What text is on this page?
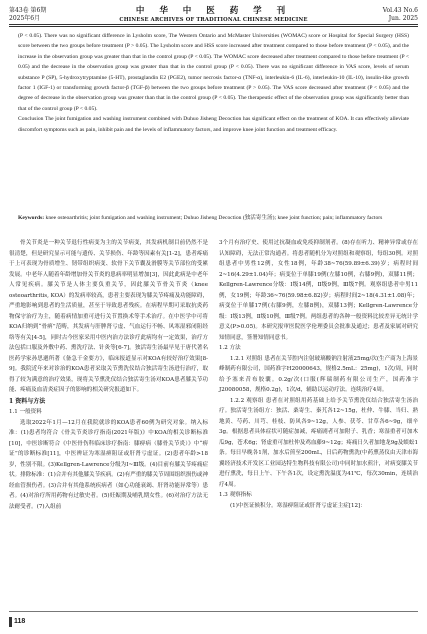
第43卷 第6期
2025年6月
中 华 中 医 药 学 刊
CHINESE ARCHIVES OF TRADITIONAL CHINESE MEDICINE
Vol.43 No.6
Jun. 2025

(P < 0.05). There was no significant difference in Lysholm score, The Western Ontario and McMaster Universities (WOMAC) score or Hospital for Special Surgery (HSS) score between the two groups before treatment (P > 0.05). The Lysholm score and HSS score increased after treatment compared to those before treatment (P < 0.05), and the increase in the observation group was greater than that in the control group (P < 0.05). The WOMAC score decreased after treatment compared to those before treatment (P < 0.05) and the decrease in the observation group was greater than that in the control group (P < 0.05). There was no significant difference in VAS score, levels of serum substance P (SP), 5-hydroxytryptamine (5-HT), prostaglandin E2 (PGE2), tumor necrosis factor-α (TNF-α), interleukin-6 (IL-6), interleukin-10 (IL-10), insulin-like growth factor 1 (IGF-1) or transforming growth factor-β (TGF-β) between the two groups before treatment (P > 0.05). The VAS score decreased after treatment (P < 0.05) and the degree of decrease in the observation group was greater than that in the control group (P < 0.05). The therapeutic effect of the observation group was significantly better than that of the control group (P < 0.05).

Conclusion The joint fumigation and washing instrument combined with Duhuo Jisheng Decoction has significant effect on the treatment of KOA. It can effectively alleviate discomfort symptoms such as pain, inhibit pain and the levels of inflammatory factors, and improve knee joint function and treatment efficacy.

Keywords: knee osteoarthritis; joint fumigation and washing instrument; Duhuo Jisheng Decoction (独活寄生汤); knee joint function; pain; inflammatory factors

骨关节炎是一种关节退行性病变为主的关节病变，其发病机制目前仍然不是很清楚，但是研究显示可能与遗传、关节损伤、年龄等因素有关[1-2]，患者疼痛于上可表现为骨质增生、韧带组织病变、软骨下关节囊及滑膜等关节部位的受累发展。中老年人随着年龄增加骨关节炎的患病率明显增加[3]，因此此病是中老年人常见疾病。膝关节是人体主要负重关节，因此膝关节骨关节炎（knee osteoarthritis, KOA）的发病率较高，患者主要表现为膝关节疼痛及功能障碍，严重地影响到患者的生活质量，甚至于导致患者残疾。在病程早期可采取抗炎药物保守治疗为主，随着病情加重可进行关节置换术等手术治疗。在中医学中可将KOA归纳到“骨痹”范畴，其发病与肝脾肾亏虚、气血运行不畅、风寒湿邪闭阻经络等有关[4-5]，同时古今医家采用中医内治方法诊疗此病均有一定效果，治疗方法包括口服及外敷中药、熏洗疗法、针灸等[6-7]。独活寄生汤最早见于唐代著名医药学家孙思邈所著《备急千金要方》，临床报道显示对KOA有较好治疗效果[8-9]。我院近年来对诊治的KOA患者采取关节熏洗仪结合独活寄生汤进行治疗，取得了较为满意的治疗效果，现将关节熏洗仪结合独活寄生汤对KOA患者膝关节功能、疼痛及血清炎症因子的影响的相关研究报道如下。

1 资料与方法

1.1 一般资料

选取2022年1月—12月在我院就诊的KOA患者60例为研究对象。纳入标准：(1)患者均符合《骨关节炎诊疗指南(2021年版)》中KOA的相关诊断标准[10]，中医诊断符合《中医骨伤科临床诊疗指南：膝痹病（膝骨关节炎）》中“痹证”的诊断标准[11]，中医辨证为寒湿痹阻证或肝肾亏虚证。(2)患者年龄>18岁，性别不限。(3)Kellgren-Lawrence分级为I~Ⅲ级。(4)目前有膝关节疼痛症状。排除标准：(1)合并有其他膝关节疾病。(2)有严重的膝关节周围组织损伤或神经血管损伤者。(3)合并有其他系统疾病者（如心功能衰竭、肝肾功能异常等）患者。(4)对治疗所用药物有过敏史者。(5)妊娠期及哺乳期女性。(6)对治疗方法无法耐受者。(7)入组前

3个月有治疗史、使用过抗凝血或免疫抑制剂者。(8)存在听力、精神异常或存在认知障碍，无法正常沟通者。将患者随机分为对照组和观察组，每组30例。对照组患者中男性12例，女性18例，年龄38~76(59.89±6.39)岁；病程时间2~16(4.29±1.04)年；病变位于单膝19例(左膝10例，右膝9例)，双膝11例；Kellgren-Lawrence分级：I级14例，Ⅱ级9例，Ⅲ级7例。观察组患者中男11例，女19例；年龄36~76(59.98±6.82)岁；病程时间2~18(4.31±1.08)年；病变位于单膝17例(右膝9例，左膝8例)，双膝13例；Kellgren-Lawrence分级：I级13例，Ⅱ级10例，Ⅲ级7例。两组患者的各种一般资料比较差异无统计学意义(P>0.05)。本研究报审医院医学伦理委员会批准及通过；患者及家属对研究知情同意，签署知情同意书。

1.2 方法

1.2.1 对照组 患者在关节腔内注射玻璃酸钠注射液25mg/次(生产商为上海景峰制药有限公司，国药准字H20000643，规格2.5mL：25mg)，1次/周，同时给予塞来昔布胶囊。0.2g/次(口服(辉瑞制药有限公司生产，国药准字J20080058，规格0.2g)，1次/d，辅助以运动疗法。连续治疗4周。

1.2.2 观察组 患者在对照组用药基础上给予关节熏洗仪结合独活寄生汤治疗。独活寄生汤组方：独活、桑寄生、秦艽各12~15g，杜仲、牛膝、当归、熟地黄、芍药、川芎、桂枝、防风各9~12g，人参、茯苓、甘草各6~9g，细辛3g。根据患者具体症状可随症加减，疼痛剧者可加附子、乳香；寒湿重者可加木瓜9g，苍术6g；肾虚重可加杜仲及鸡血藤9~12g；疼痛日久者加地龙9g及蜈蚣1条。每日早晚各1剂，加水后煎至200mL，日后药物熏洗(中药熏蒸仪由天津市海翼经济技术开发区工业园达特生物科技有限公司)中同时加水煎汁，对病变膝关节进行熏洗，每日上午、下午各1次，设定熏洗温度为41℃，每次30min，连续治疗4周。

1.3 观察指标

(1)中医证候积分。寒湿痹阻证或肝肾亏虚证主症[12]：

118
